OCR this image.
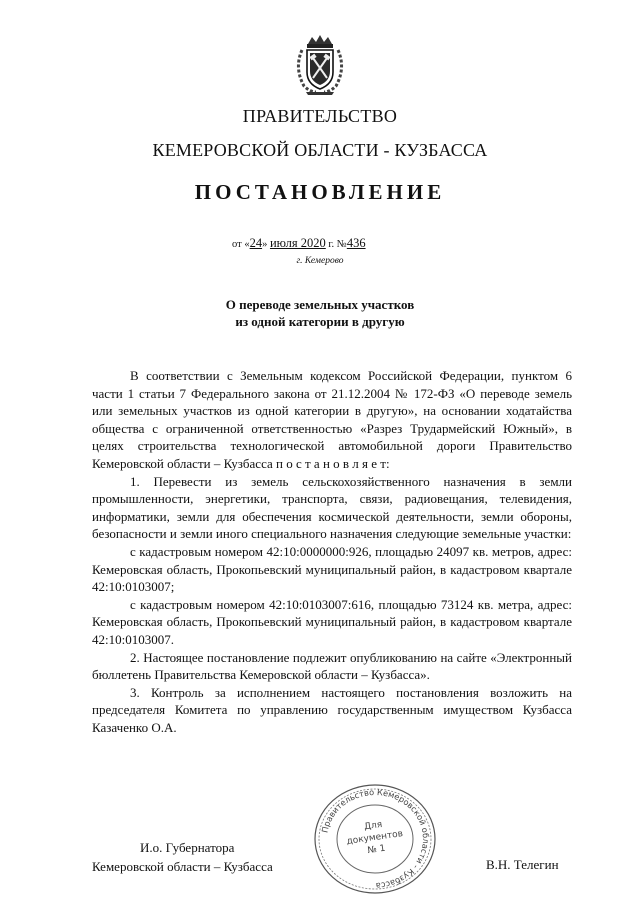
ПРАВИТЕЛЬСТВО
КЕМЕРОВСКОЙ ОБЛАСТИ - КУЗБАССА
ПОСТАНОВЛЕНИЕ
от «24» июля 2020 г. №436
г. Кемерово
О переводе земельных участков
из одной категории в другую

В соответствии с Земельным кодексом Российской Федерации, пунктом 6 части 1 статьи 7 Федерального закона от 21.12.2004 № 172-ФЗ «О переводе земель или земельных участков из одной категории в другую», на основании ходатайства общества с ограниченной ответственностью «Разрез Трудармейский Южный», в целях строительства технологической автомобильной дороги Правительство Кемеровской области – Кузбасса п о с т а н о в л я е т:

1. Перевести из земель сельскохозяйственного назначения в земли промышленности, энергетики, транспорта, связи, радиовещания, телевидения, информатики, земли для обеспечения космической деятельности, земли обороны, безопасности и земли иного специального назначения следующие земельные участки:

с кадастровым номером 42:10:0000000:926, площадью 24097 кв. метров, адрес: Кемеровская область, Прокопьевский муниципальный район, в кадастровом квартале 42:10:0103007;

с кадастровым номером 42:10:0103007:616, площадью 73124 кв. метра, адрес: Кемеровская область, Прокопьевский муниципальный район, в кадастровом квартале 42:10:0103007.

2. Настоящее постановление подлежит опубликованию на сайте «Электронный бюллетень Правительства Кемеровской области – Кузбасса».

3. Контроль за исполнением настоящего постановления возложить на председателя Комитета по управлению государственным имуществом Кузбасса Казаченко О.А.

И.о. Губернатора
Кемеровской области – Кузбасса	В.Н. Телегин
Правительство Кемеровской области - Кузбасса
Для
документов
№ 1
